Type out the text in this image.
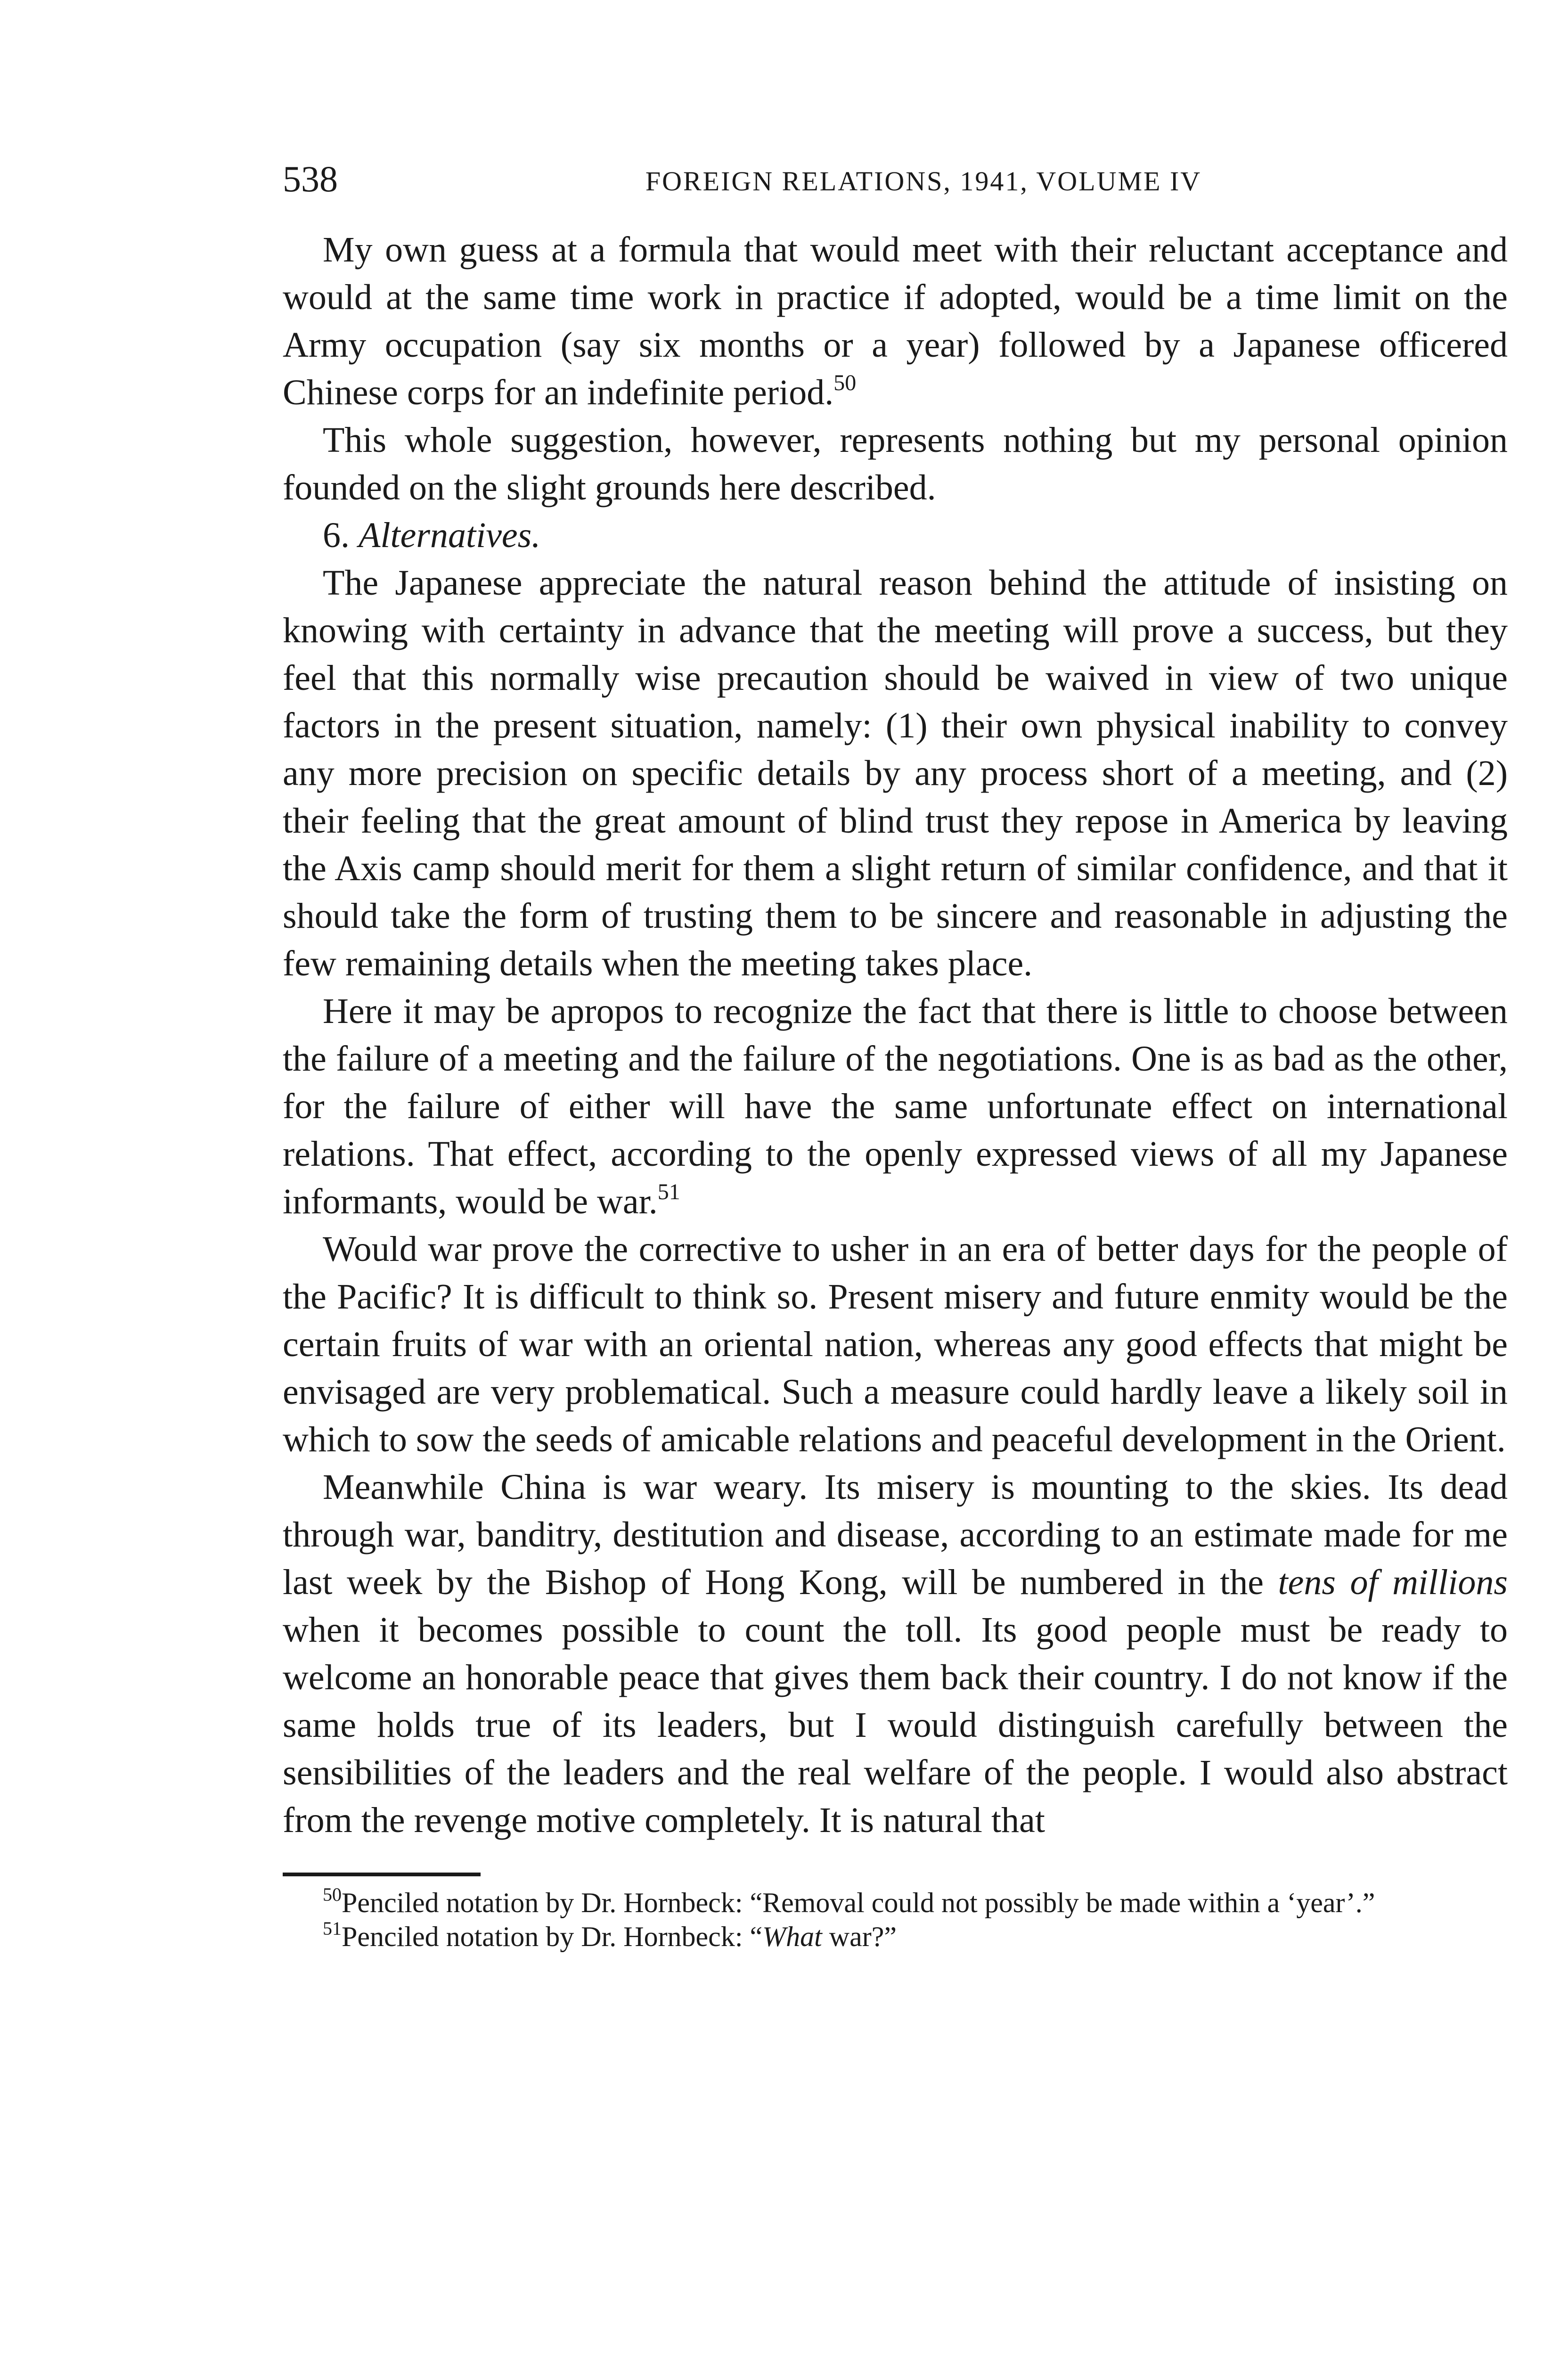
538	FOREIGN RELATIONS, 1941, VOLUME IV

My own guess at a formula that would meet with their reluctant acceptance and would at the same time work in practice if adopted, would be a time limit on the Army occupation (say six months or a year) followed by a Japanese officered Chinese corps for an indefinite period.$^{50}$

This whole suggestion, however, represents nothing but my personal opinion founded on the slight grounds here described.

6. Alternatives.

The Japanese appreciate the natural reason behind the attitude of insisting on knowing with certainty in advance that the meeting will prove a success, but they feel that this normally wise precaution should be waived in view of two unique factors in the present situation, namely: (1) their own physical inability to convey any more precision on specific details by any process short of a meeting, and (2) their feeling that the great amount of blind trust they repose in America by leaving the Axis camp should merit for them a slight return of similar confidence, and that it should take the form of trusting them to be sincere and reasonable in adjusting the few remaining details when the meeting takes place.

Here it may be apropos to recognize the fact that there is little to choose between the failure of a meeting and the failure of the negotiations. One is as bad as the other, for the failure of either will have the same unfortunate effect on international relations. That effect, according to the openly expressed views of all my Japanese informants, would be war.$^{51}$

Would war prove the corrective to usher in an era of better days for the people of the Pacific? It is difficult to think so. Present misery and future enmity would be the certain fruits of war with an oriental nation, whereas any good effects that might be envisaged are very problematical. Such a measure could hardly leave a likely soil in which to sow the seeds of amicable relations and peaceful development in the Orient.

Meanwhile China is war weary. Its misery is mounting to the skies. Its dead through war, banditry, destitution and disease, according to an estimate made for me last week by the Bishop of Hong Kong, will be numbered in the tens of millions when it becomes possible to count the toll. Its good people must be ready to welcome an honorable peace that gives them back their country. I do not know if the same holds true of its leaders, but I would distinguish carefully between the sensibilities of the leaders and the real welfare of the people. I would also abstract from the revenge motive completely. It is natural that

$^{50}$Penciled notation by Dr. Hornbeck: “Removal could not possibly be made within a ‘year’.”

$^{51}$Penciled notation by Dr. Hornbeck: “What war?”
